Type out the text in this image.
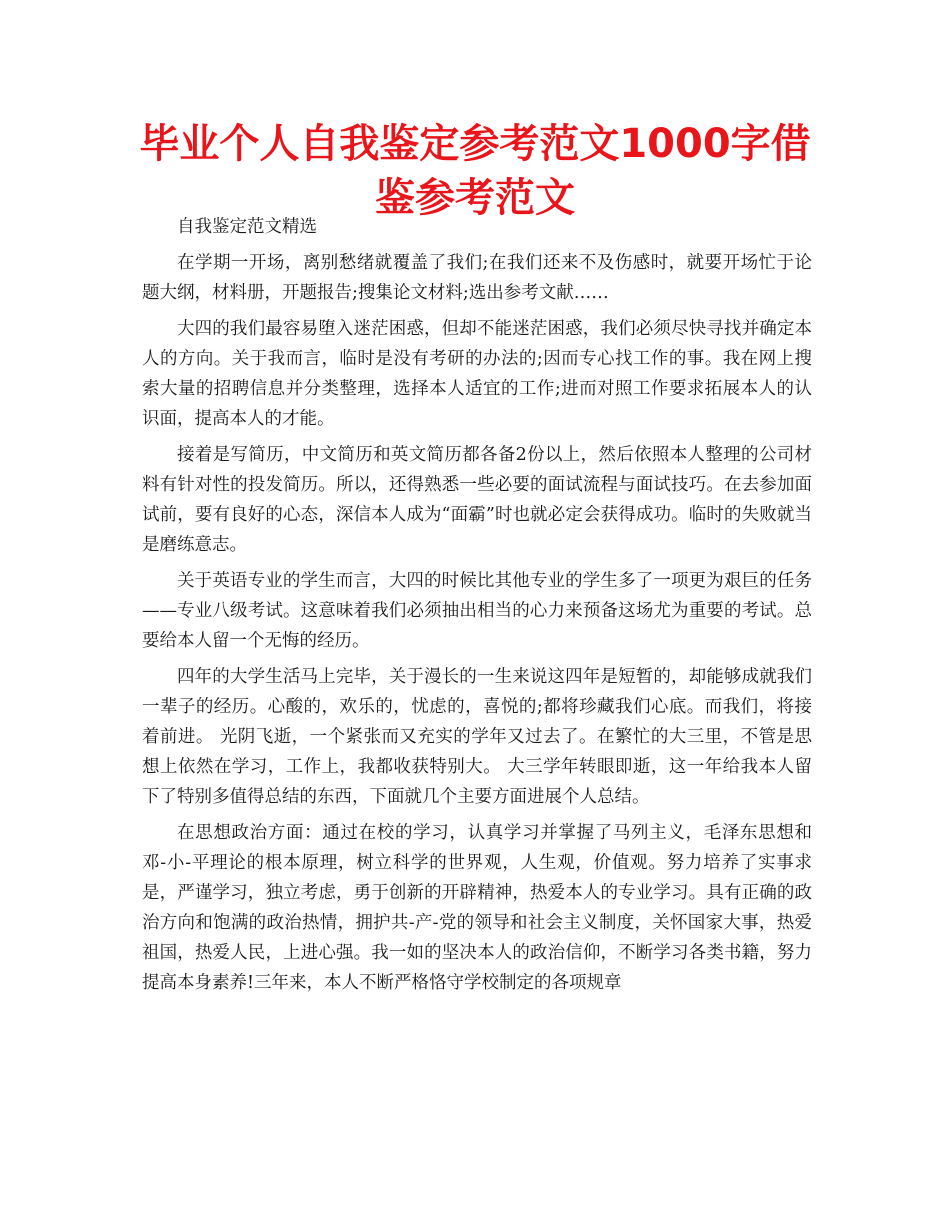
毕业个人自我鉴定参考范文1000字借鉴参考范文

自我鉴定范文精选

在学期一开场，离别愁绪就覆盖了我们;在我们还来不及伤感时，就要开场忙于论题大纲，材料册，开题报告;搜集论文材料;选出参考文献……

大四的我们最容易堕入迷茫困惑，但却不能迷茫困惑，我们必须尽快寻找并确定本人的方向。关于我而言，临时是没有考研的办法的;因而专心找工作的事。我在网上搜索大量的招聘信息并分类整理，选择本人适宜的工作;进而对照工作要求拓展本人的认识面，提高本人的才能。

接着是写简历，中文简历和英文简历都各备2份以上，然后依照本人整理的公司材料有针对性的投发简历。所以，还得熟悉一些必要的面试流程与面试技巧。在去参加面试前，要有良好的心态，深信本人成为“面霸”时也就必定会获得成功。临时的失败就当是磨练意志。

关于英语专业的学生而言，大四的时候比其他专业的学生多了一项更为艰巨的任务——专业八级考试。这意味着我们必须抽出相当的心力来预备这场尤为重要的考试。总要给本人留一个无悔的经历。

四年的大学生活马上完毕，关于漫长的一生来说这四年是短暂的，却能够成就我们一辈子的经历。心酸的，欢乐的，忧虑的，喜悦的;都将珍藏我们心底。而我们，将接着前进。 光阴飞逝，一个紧张而又充实的学年又过去了。在繁忙的大三里，不管是思想上依然在学习，工作上，我都收获特别大。 大三学年转眼即逝，这一年给我本人留下了特别多值得总结的东西，下面就几个主要方面进展个人总结。

在思想政治方面：通过在校的学习，认真学习并掌握了马列主义，毛泽东思想和邓-小-平理论的根本原理，树立科学的世界观，人生观，价值观。努力培养了实事求是，严谨学习，独立考虑，勇于创新的开辟精神，热爱本人的专业学习。具有正确的政治方向和饱满的政治热情，拥护共-产-党的领导和社会主义制度，关怀国家大事，热爱祖国，热爱人民，上进心强。我一如的坚决本人的政治信仰，不断学习各类书籍，努力提高本身素养!三年来，本人不断严格恪守学校制定的各项规章
